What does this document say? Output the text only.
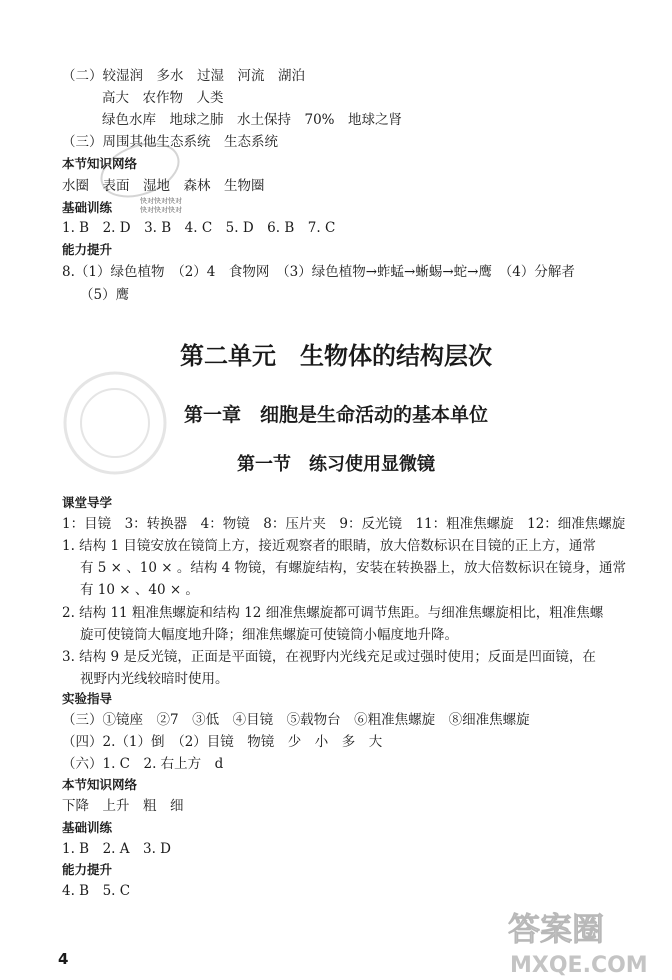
（二）较湿润　多水　过湿　河流　湖泊
高大　农作物　人类
绿色水库　地球之肺　水土保持　70%　地球之肾
（三）周围其他生态系统　生态系统
本节知识网络
水圈　表面　湿地　森林　生物圈
快对快对快对
快对快对快对
基础训练
1. B　2. D　3. B　4. C　5. D　6. B　7. C
能力提升
8.（1）绿色植物　（2）4　食物网　（3）绿色植物→蚱蜢→蜥蜴→蛇→鹰　（4）分解者
（5）鹰
第二单元　生物体的结构层次
第一章　细胞是生命活动的基本单位
第一节　练习使用显微镜
课堂导学
1：目镜　3：转换器　4：物镜　8：压片夹　9：反光镜　11：粗准焦螺旋　12：细准焦螺旋
1. 结构 1 目镜安放在镜筒上方，接近观察者的眼睛，放大倍数标识在目镜的正上方，通常
有 5 × 、10 × 。结构 4 物镜，有螺旋结构，安装在转换器上，放大倍数标识在镜身，通常
有 10 × 、40 × 。
2. 结构 11 粗准焦螺旋和结构 12 细准焦螺旋都可调节焦距。与细准焦螺旋相比，粗准焦螺
旋可使镜筒大幅度地升降；细准焦螺旋可使镜筒小幅度地升降。
3. 结构 9 是反光镜，正面是平面镜，在视野内光线充足或过强时使用；反面是凹面镜，在
视野内光线较暗时使用。
实验指导
（三）①镜座　②7　③低　④目镜　⑤载物台　⑥粗准焦螺旋　⑧细准焦螺旋
（四）2.（1）倒　（2）目镜　物镜　少　小　多　大
（六）1. C　2. 右上方　d
本节知识网络
下降　上升　粗　细
基础训练
1. B　2. A　3. D
能力提升
4. B　5. C
4
答案圈
MXQE.COM
